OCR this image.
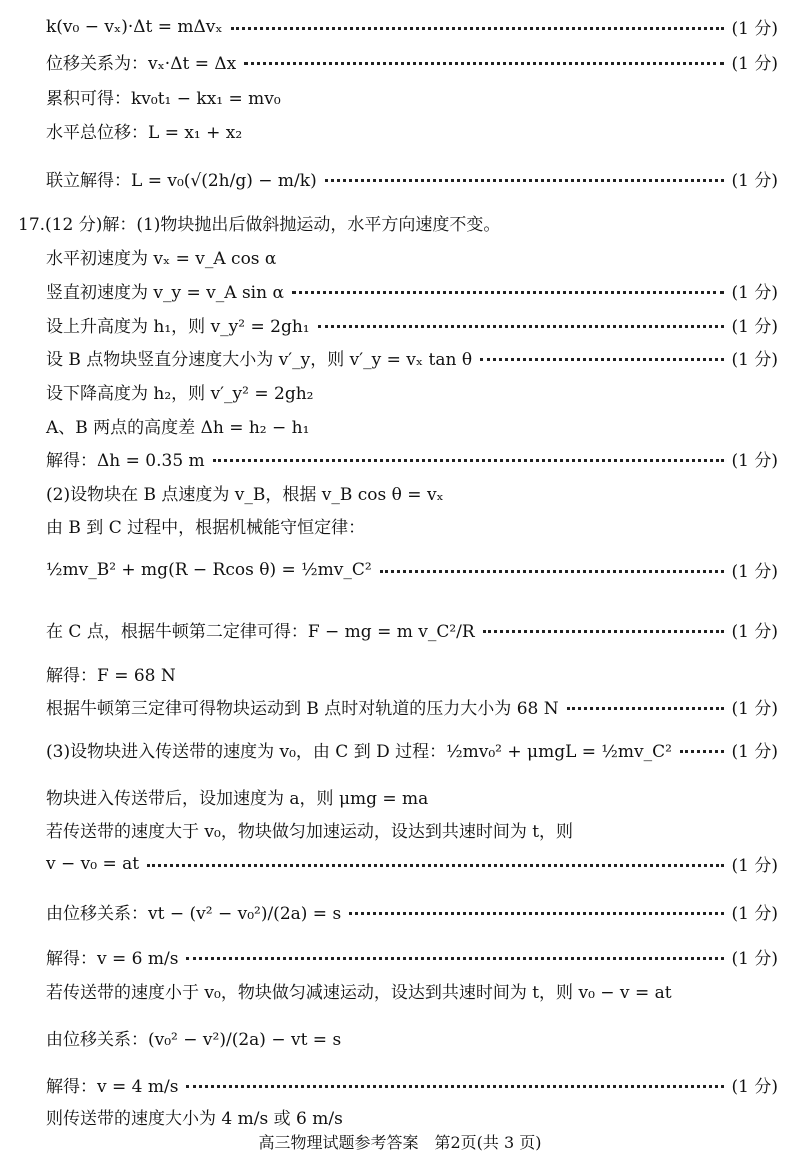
k(v₀ − vₓ)·Δt = mΔvₓ	(1 分)
位移关系为：vₓ·Δt = Δx	(1 分)
累积可得：kv₀t₁ − kx₁ = mv₀
水平总位移：L = x₁ + x₂
联立解得：L = v₀(√(2h/g) − m/k)	(1 分)
17.(12 分)解：(1)物块抛出后做斜抛运动，水平方向速度不变。
水平初速度为 vₓ = v_A cos α
竖直初速度为 v_y = v_A sin α	(1 分)
设上升高度为 h₁，则 v_y² = 2gh₁	(1 分)
设 B 点物块竖直分速度大小为 v′_y，则 v′_y = vₓ tan θ	(1 分)
设下降高度为 h₂，则 v′_y² = 2gh₂
A、B 两点的高度差 Δh = h₂ − h₁
解得：Δh = 0.35 m	(1 分)
(2)设物块在 B 点速度为 v_B，根据 v_B cos θ = vₓ
由 B 到 C 过程中，根据机械能守恒定律：
½mv_B² + mg(R − Rcos θ) = ½mv_C²	(1 分)
在 C 点，根据牛顿第二定律可得：F − mg = m v_C²/R	(1 分)
解得：F = 68 N
根据牛顿第三定律可得物块运动到 B 点时对轨道的压力大小为 68 N	(1 分)
(3)设物块进入传送带的速度为 v₀，由 C 到 D 过程：½mv₀² + μmgL = ½mv_C²	(1 分)
物块进入传送带后，设加速度为 a，则 μmg = ma
若传送带的速度大于 v₀，物块做匀加速运动，设达到共速时间为 t，则
v − v₀ = at	(1 分)
由位移关系：vt − (v² − v₀²)/(2a) = s	(1 分)
解得：v = 6 m/s	(1 分)
若传送带的速度小于 v₀，物块做匀减速运动，设达到共速时间为 t，则 v₀ − v = at
由位移关系：(v₀² − v²)/(2a) − vt = s
解得：v = 4 m/s	(1 分)
则传送带的速度大小为 4 m/s 或 6 m/s
高三物理试题参考答案　第2页(共 3 页)
